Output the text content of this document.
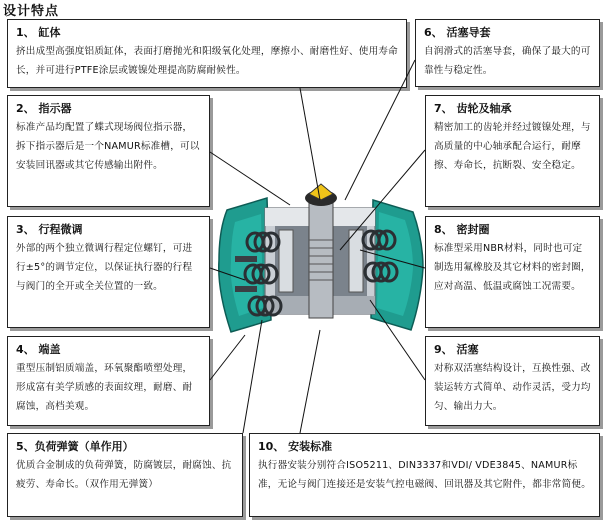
设计特点
1、 缸体
挤出成型高强度铝质缸体，表面打磨抛光和阳级氧化处理，摩擦小、耐磨性好、使用寿命长，并可进行PTFE涂层或镀镍处理提高防腐耐候性。
2、 指示器
标准产品均配置了蝶式现场阀位指示器，拆下指示器后是一个NAMUR标准槽，可以安装回讯器或其它传感输出附件。
3、 行程微调
外部的两个独立微调行程定位螺钉，可进行±5°的调节定位，以保证执行器的行程与阀门的全开或全关位置的一致。
4、 端盖
重型压制铝质端盖，环氧聚酯喷塑处理，形成富有美学质感的表面纹理，耐磨、耐腐蚀，高档美观。
5、负荷弹簧（单作用）
优质合金制成的负荷弹簧，防腐镀层，耐腐蚀、抗疲劳、寿命长。（双作用无弹簧）
6、 活塞导套
自润滑式的活塞导套，确保了最大的可靠性与稳定性。
7、 齿轮及轴承
精密加工的齿轮并经过镀镍处理，与高质量的中心轴承配合运行，耐摩擦、寿命长，抗断裂、安全稳定。
8、 密封圈
标准型采用NBR材料，同时也可定制选用氟橡胶及其它材料的密封圈，应对高温、低温或腐蚀工况需要。
9、 活塞
对称双活塞结构设计，互换性强、改装运转方式简单、动作灵活，受力均匀、输出力大。
10、 安装标准
执行器安装分别符合ISO5211、DIN3337和VDI/ VDE3845、NAMUR标准，无论与阀门连接还是安装气控电磁阀、回讯器及其它附件，都非常简便。
